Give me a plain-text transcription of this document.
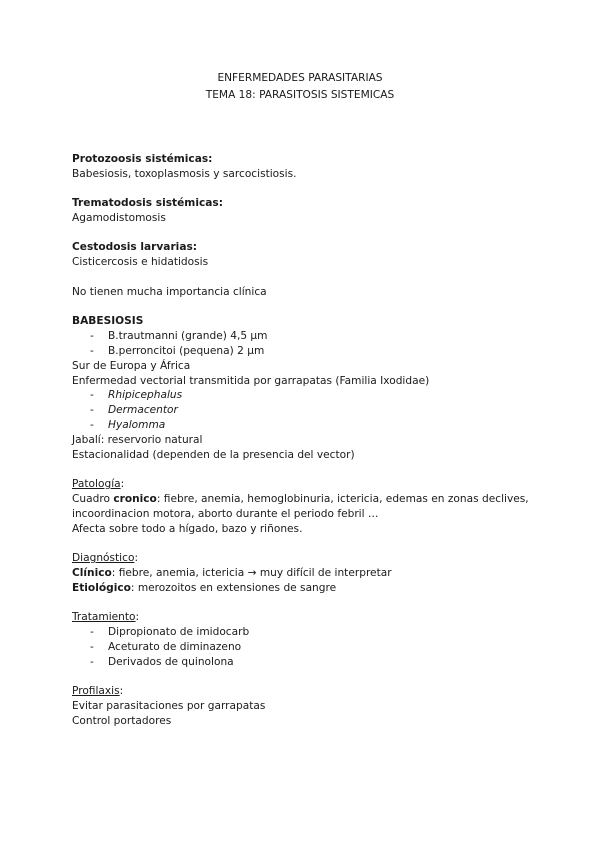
ENFERMEDADES PARASITARIAS
TEMA 18: PARASITOSIS SISTEMICAS
Protozoosis sistémicas:
Babesiosis, toxoplasmosis y sarcocistiosis.
Trematodosis sistémicas:
Agamodistomosis
Cestodosis larvarias:
Cisticercosis e hidatidosis
No tienen mucha importancia clínica
BABESIOSIS
- B.trautmanni (grande) 4,5 µm
- B.perroncitoi (pequena) 2 µm
Sur de Europa y África
Enfermedad vectorial transmitida por garrapatas (Familia Ixodidae)
- Rhipicephalus
- Dermacentor
- Hyalomma
Jabalí: reservorio natural
Estacionalidad (dependen de la presencia del vector)
Patología:
Cuadro cronico: fiebre, anemia, hemoglobinuria, ictericia, edemas en zonas declives,
incoordinacion motora, aborto durante el periodo febril …
Afecta sobre todo a hígado, bazo y riñones.
Diagnóstico:
Clínico: fiebre, anemia, ictericia → muy difícil de interpretar
Etiológico: merozoitos en extensiones de sangre
Tratamiento:
- Dipropionato de imidocarb
- Aceturato de diminazeno
- Derivados de quinolona
Profilaxis:
Evitar parasitaciones por garrapatas
Control portadores
